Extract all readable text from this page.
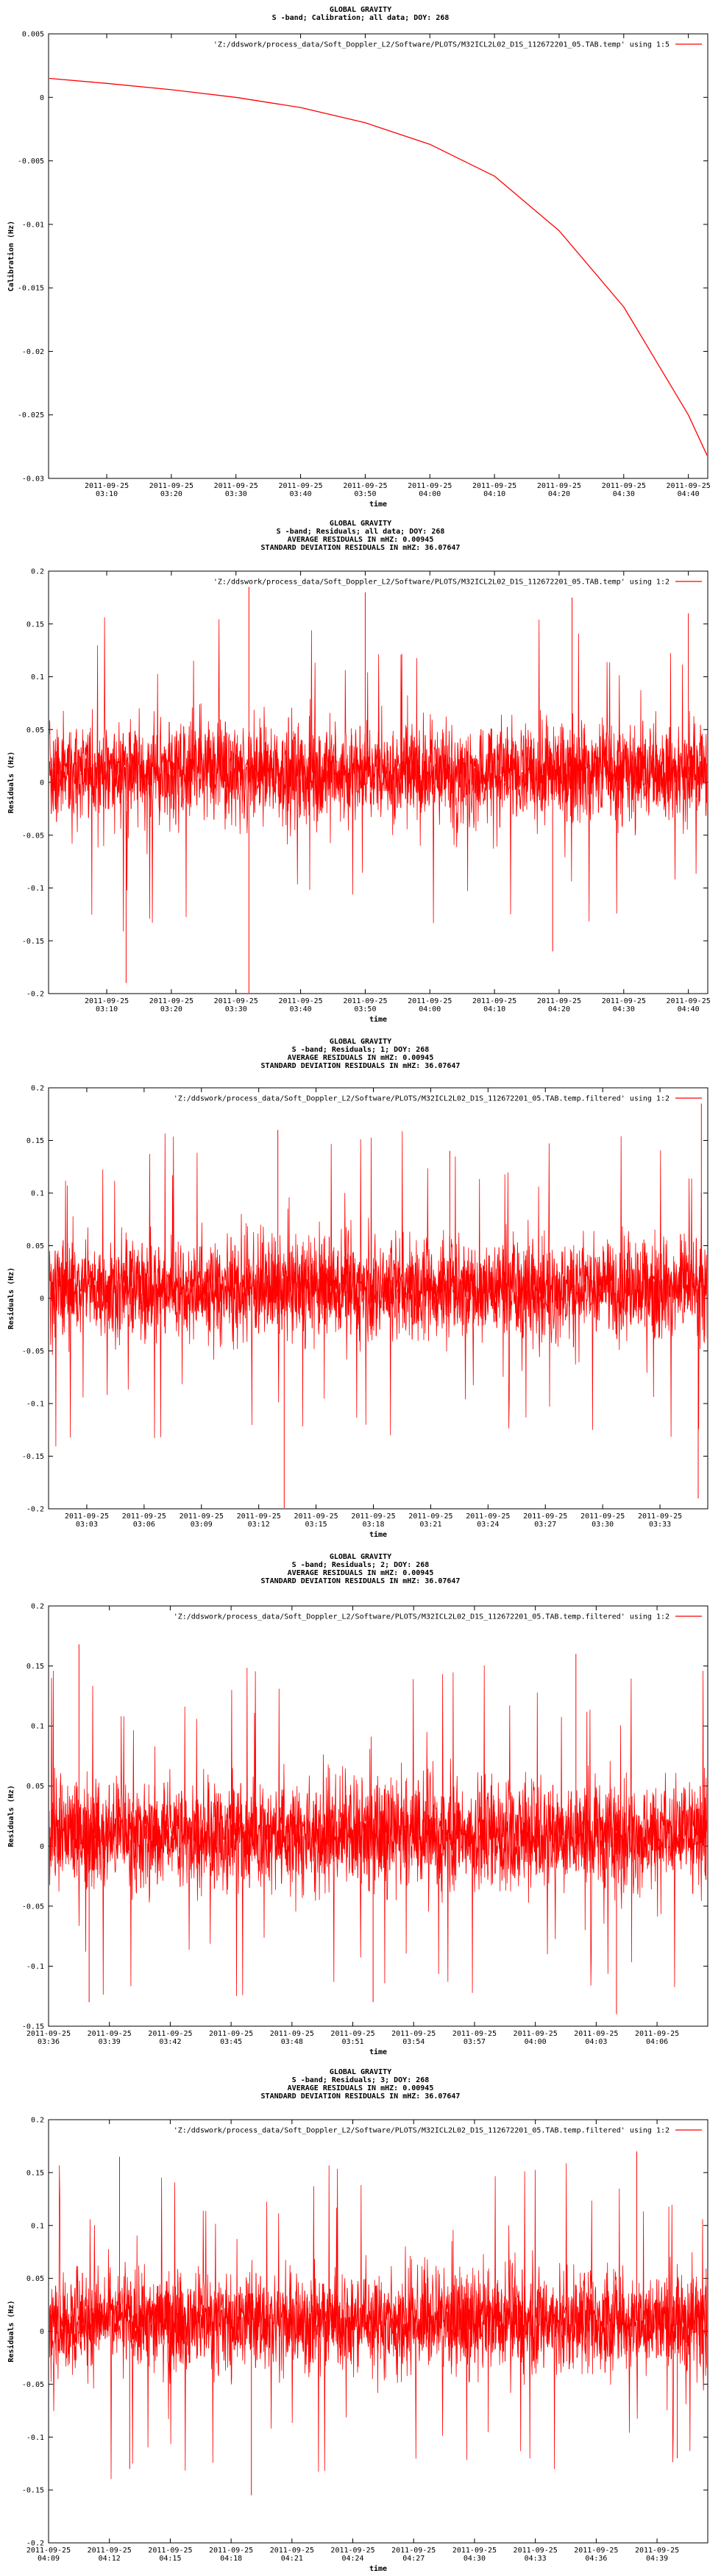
GLOBAL GRAVITY
S -band; Calibration; all data; DOY: 268
0.005
0
-0.005
-0.01
-0.015
-0.02
-0.025
-0.03
2011-09-25
03:10
2011-09-25
03:20
2011-09-25
03:30
2011-09-25
03:40
2011-09-25
03:50
2011-09-25
04:00
2011-09-25
04:10
2011-09-25
04:20
2011-09-25
04:30
2011-09-25
04:40
time
Calibration (Hz)
'Z:/ddswork/process_data/Soft_Doppler_L2/Software/PLOTS/M32ICL2L02_D1S_112672201_05.TAB.temp' using 1:5
GLOBAL GRAVITY
S -band; Residuals; all data; DOY: 268
AVERAGE RESIDUALS IN mHZ: 0.00945
STANDARD DEVIATION RESIDUALS IN mHZ: 36.07647
0.2
0.15
0.1
0.05
0
-0.05
-0.1
-0.15
-0.2
2011-09-25
03:10
2011-09-25
03:20
2011-09-25
03:30
2011-09-25
03:40
2011-09-25
03:50
2011-09-25
04:00
2011-09-25
04:10
2011-09-25
04:20
2011-09-25
04:30
2011-09-25
04:40
time
Residuals (Hz)
'Z:/ddswork/process_data/Soft_Doppler_L2/Software/PLOTS/M32ICL2L02_D1S_112672201_05.TAB.temp' using 1:2
GLOBAL GRAVITY
S -band; Residuals; 1; DOY: 268
AVERAGE RESIDUALS IN mHZ: 0.00945
STANDARD DEVIATION RESIDUALS IN mHZ: 36.07647
0.2
0.15
0.1
0.05
0
-0.05
-0.1
-0.15
-0.2
2011-09-25
03:03
2011-09-25
03:06
2011-09-25
03:09
2011-09-25
03:12
2011-09-25
03:15
2011-09-25
03:18
2011-09-25
03:21
2011-09-25
03:24
2011-09-25
03:27
2011-09-25
03:30
2011-09-25
03:33
time
Residuals (Hz)
'Z:/ddswork/process_data/Soft_Doppler_L2/Software/PLOTS/M32ICL2L02_D1S_112672201_05.TAB.temp.filtered' using 1:2
GLOBAL GRAVITY
S -band; Residuals; 2; DOY: 268
AVERAGE RESIDUALS IN mHZ: 0.00945
STANDARD DEVIATION RESIDUALS IN mHZ: 36.07647
0.2
0.15
0.1
0.05
0
-0.05
-0.1
-0.15
2011-09-25
03:36
2011-09-25
03:39
2011-09-25
03:42
2011-09-25
03:45
2011-09-25
03:48
2011-09-25
03:51
2011-09-25
03:54
2011-09-25
03:57
2011-09-25
04:00
2011-09-25
04:03
2011-09-25
04:06
time
Residuals (Hz)
'Z:/ddswork/process_data/Soft_Doppler_L2/Software/PLOTS/M32ICL2L02_D1S_112672201_05.TAB.temp.filtered' using 1:2
GLOBAL GRAVITY
S -band; Residuals; 3; DOY: 268
AVERAGE RESIDUALS IN mHZ: 0.00945
STANDARD DEVIATION RESIDUALS IN mHZ: 36.07647
0.2
0.15
0.1
0.05
0
-0.05
-0.1
-0.15
-0.2
2011-09-25
04:09
2011-09-25
04:12
2011-09-25
04:15
2011-09-25
04:18
2011-09-25
04:21
2011-09-25
04:24
2011-09-25
04:27
2011-09-25
04:30
2011-09-25
04:33
2011-09-25
04:36
2011-09-25
04:39
time
Residuals (Hz)
'Z:/ddswork/process_data/Soft_Doppler_L2/Software/PLOTS/M32ICL2L02_D1S_112672201_05.TAB.temp.filtered' using 1:2
